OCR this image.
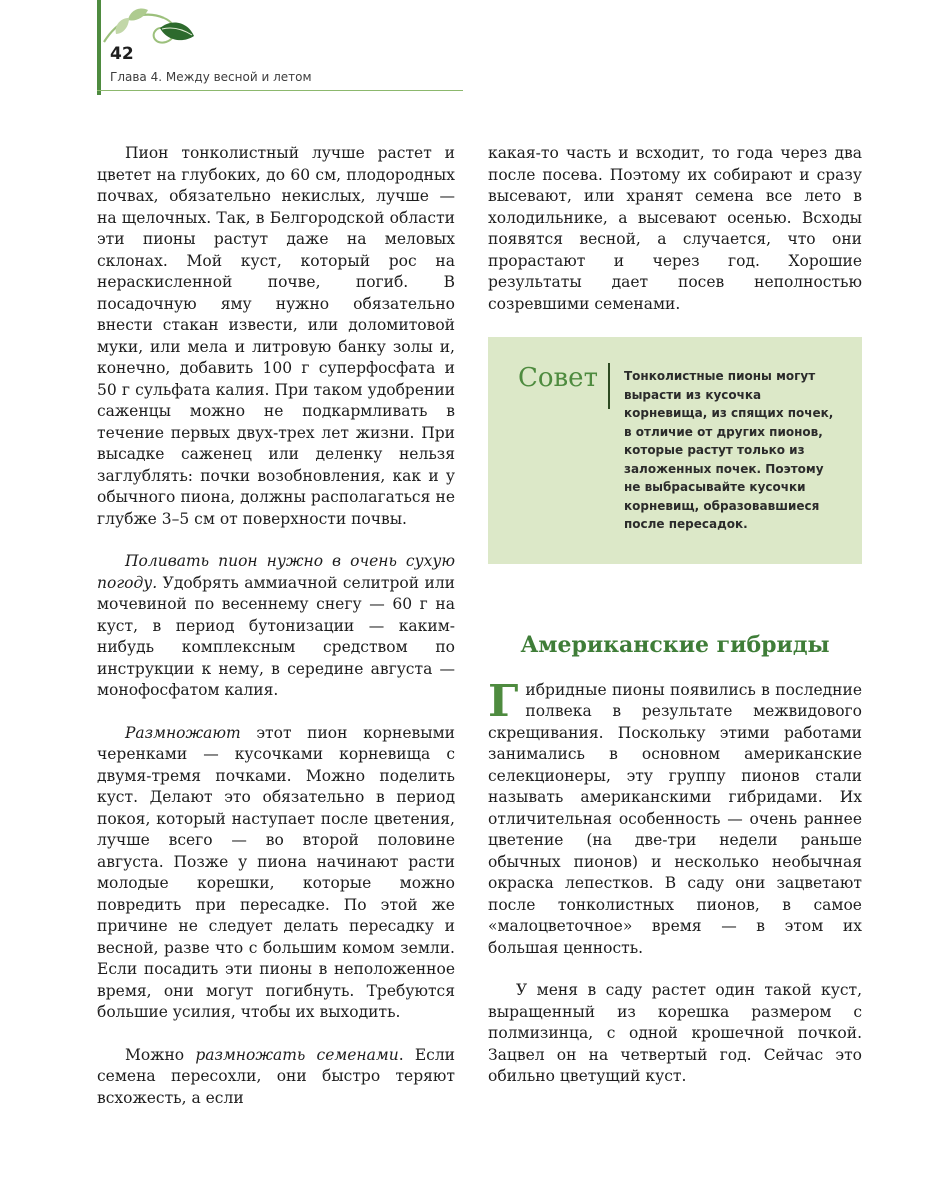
42
Глава 4. Между весной и летом

Пион тонколистный лучше растет и цветет на глубоких, до 60 см, плодородных почвах, обязательно некислых, лучше — на щелочных. Так, в Белгородской области эти пионы растут даже на меловых склонах. Мой куст, который рос на нераскисленной почве, погиб. В посадочную яму нужно обязательно внести стакан извести, или доломитовой муки, или мела и литровую банку золы и, конечно, добавить 100 г суперфосфата и 50 г сульфата калия. При таком удобрении саженцы можно не подкармливать в течение первых двух-трех лет жизни. При высадке саженец или деленку нельзя заглублять: почки возобновления, как и у обычного пиона, должны располагаться не глубже 3–5 см от поверхности почвы.

Поливать пион нужно в очень сухую погоду. Удобрять аммиачной селитрой или мочевиной по весеннему снегу — 60 г на куст, в период бутонизации — каким-нибудь комплексным средством по инструкции к нему, в середине августа — монофосфатом калия.

Размножают этот пион корневыми черенками — кусочками корневища с двумя-тремя почками. Можно поделить куст. Делают это обязательно в период покоя, который наступает после цветения, лучше всего — во второй половине августа. Позже у пиона начинают расти молодые корешки, которые можно повредить при пересадке. По этой же причине не следует делать пересадку и весной, разве что с большим комом земли. Если посадить эти пионы в неположенное время, они могут погибнуть. Требуются большие усилия, чтобы их выходить.

Можно размножать семенами. Если семена пересохли, они быстро теряют всхожесть, а если

какая-то часть и всходит, то года через два после посева. Поэтому их собирают и сразу высевают, или хранят семена все лето в холодильнике, а высевают осенью. Всходы появятся весной, а случается, что они прорастают и через год. Хорошие результаты дает посев неполностью созревшими семенами.

Совет	Тонколистные пионы могут вырасти из кусочка корневища, из спящих почек, в отличие от других пионов, которые растут только из заложенных почек. Поэтому не выбрасывайте кусочки корневищ, образовавшиеся после пересадок.
Американские гибриды

Гибридные пионы появились в последние полвека в результате межвидового скрещивания. Поскольку этими работами занимались в основном американские селекционеры, эту группу пионов стали называть американскими гибридами. Их отличительная особенность — очень раннее цветение (на две-три недели раньше обычных пионов) и несколько необычная окраска лепестков. В саду они зацветают после тонколистных пионов, в самое «малоцветочное» время — в этом их большая ценность.

У меня в саду растет один такой куст, выращенный из корешка размером с полмизинца, с одной крошечной почкой. Зацвел он на четвертый год. Сейчас это обильно цветущий куст.
